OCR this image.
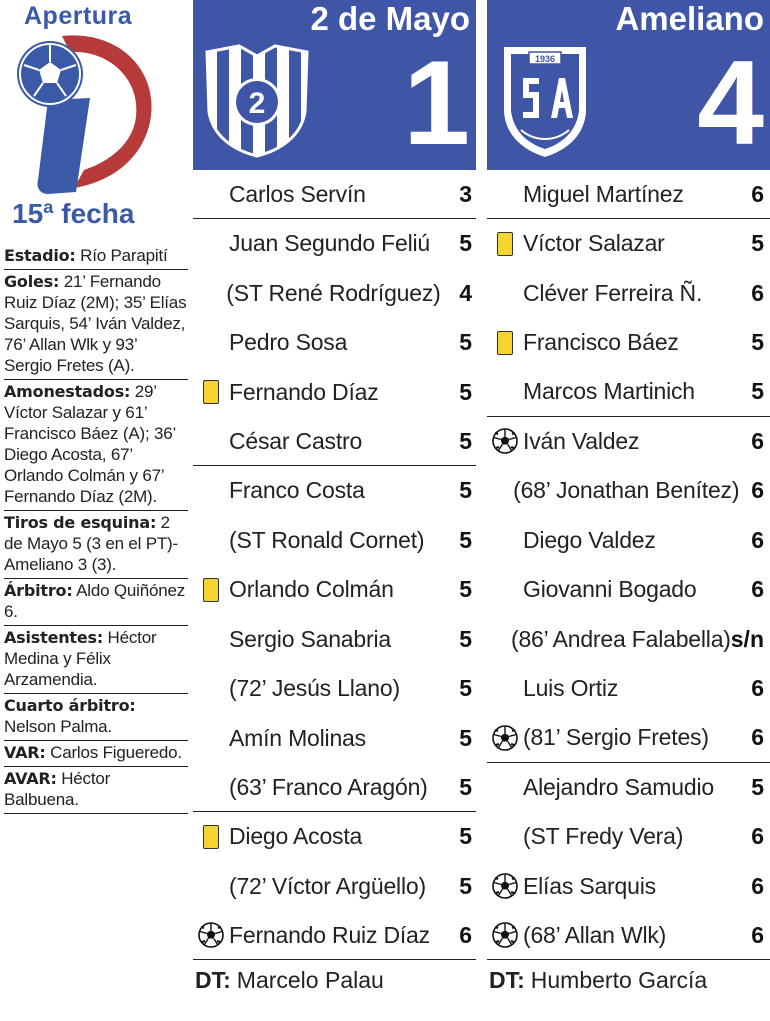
Apertura
15ª fecha
Estadio: Río Parapití
Goles: 21’ Fernando Ruiz Díaz (2M); 35’ Elías Sarquis, 54’ Iván Valdez, 76’ Allan Wlk y 93’ Sergio Fretes (A).
Amonestados: 29’ Víctor Salazar y 61’ Francisco Báez (A); 36’ Diego Acosta, 67’ Orlando Colmán y 67’ Fernando Díaz (2M).
Tiros de esquina: 2 de Mayo 5 (3 en el PT)-Ameliano 3 (3).
Árbitro: Aldo Quiñónez 6.
Asistentes: Héctor Medina y Félix Arzamendia.
Cuarto árbitro: Nelson Palma.
VAR: Carlos Figueredo.
AVAR: Héctor Balbuena.
2
2 de Mayo
1
Carlos Servín	3
Juan Segundo Feliú	5
(ST René Rodríguez) 4
Pedro Sosa	5
Fernando Díaz	5
César Castro	5
Franco Costa	5
(ST Ronald Cornet)	5
Orlando Colmán	5
Sergio Sanabria	5
(72’ Jesús Llano)	5
Amín Molinas	5
(63’ Franco Aragón)	5
Diego Acosta	5
(72’ Víctor Argüello)	5
Fernando Ruiz Díaz	6
DT: Marcelo Palau
1936
Ameliano
4
Miguel Martínez	6
Víctor Salazar	5
Cléver Ferreira Ñ.	6
Francisco Báez	5
Marcos Martinich	5
Iván Valdez	6
(68’ Jonathan Benítez) 6
Diego Valdez	6
Giovanni Bogado	6
(86’ Andrea Falabella) s/n
Luis Ortiz	6
(81’ Sergio Fretes)	6
Alejandro Samudio	5
(ST Fredy Vera)	6
Elías Sarquis	6
(68’ Allan Wlk)	6
DT: Humberto García
